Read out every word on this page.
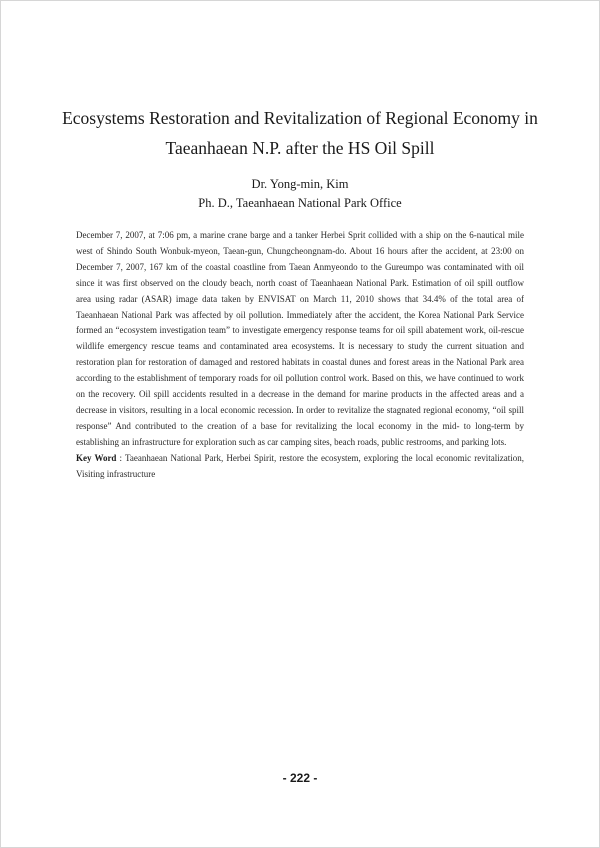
Ecosystems Restoration and Revitalization of Regional Economy in
Taeanhaean N.P. after the HS Oil Spill
Dr. Yong-min, Kim
Ph. D., Taeanhaean National Park Office

December 7, 2007, at 7:06 pm, a marine crane barge and a tanker Herbei Sprit collided with a ship on the 6-nautical mile west of Shindo South Wonbuk-myeon, Taean-gun, Chungcheongnam-do. About 16 hours after the accident, at 23:00 on December 7, 2007, 167 km of the coastal coastline from Taean Anmyeondo to the Gureumpo was contaminated with oil since it was first observed on the cloudy beach, north coast of Taeanhaean National Park. Estimation of oil spill outflow area using radar (ASAR) image data taken by ENVISAT on March 11, 2010 shows that 34.4% of the total area of Taeanhaean National Park was affected by oil pollution. Immediately after the accident, the Korea National Park Service formed an “ecosystem investigation team” to investigate emergency response teams for oil spill abatement work, oil-rescue wildlife emergency rescue teams and contaminated area ecosystems. It is necessary to study the current situation and restoration plan for restoration of damaged and restored habitats in coastal dunes and forest areas in the National Park area according to the establishment of temporary roads for oil pollution control work. Based on this, we have continued to work on the recovery. Oil spill accidents resulted in a decrease in the demand for marine products in the affected areas and a decrease in visitors, resulting in a local economic recession. In order to revitalize the stagnated regional economy, “oil spill response” And contributed to the creation of a base for revitalizing the local economy in the mid- to long-term by establishing an infrastructure for exploration such as car camping sites, beach roads, public restrooms, and parking lots.

Key Word : Taeanhaean National Park, Herbei Spirit, restore the ecosystem, exploring the local economic revitalization, Visiting infrastructure

- 222 -
